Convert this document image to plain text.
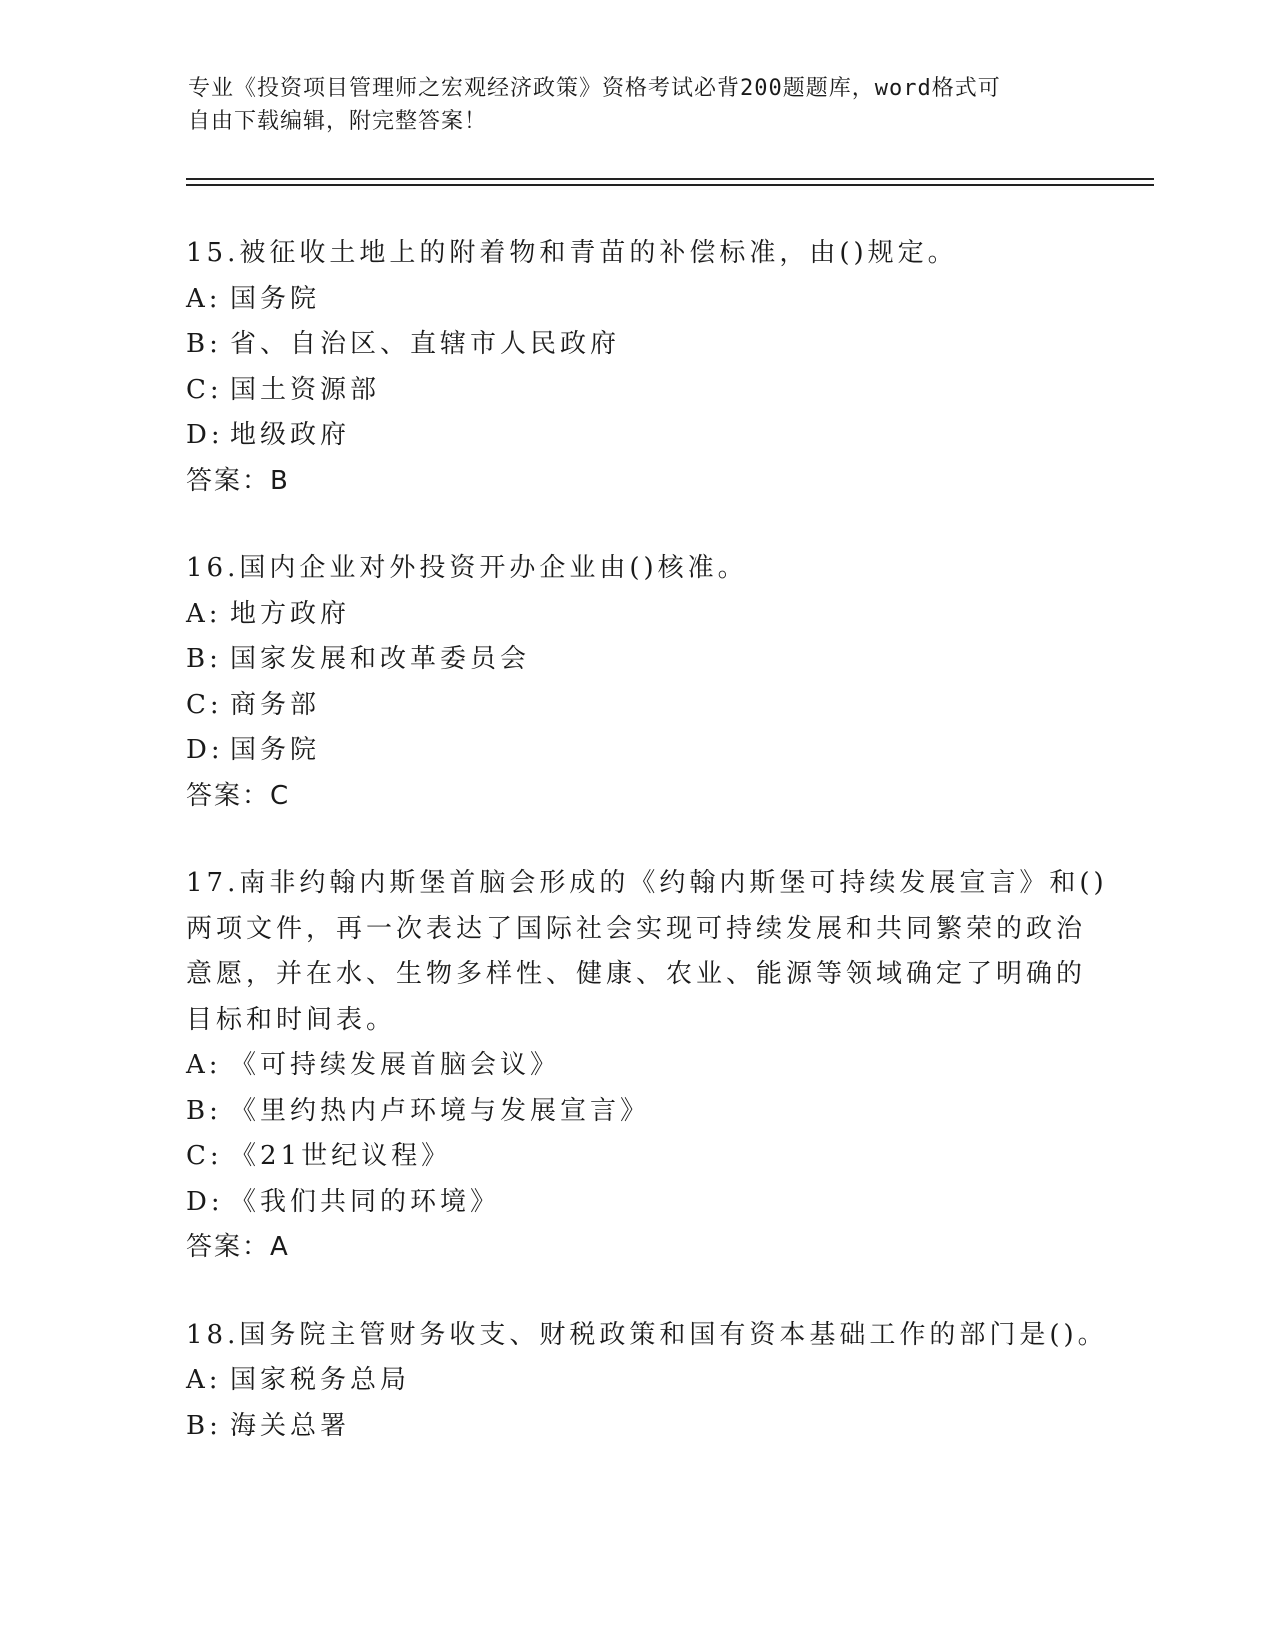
专业《投资项目管理师之宏观经济政策》资格考试必背200题题库，word格式可
自由下载编辑，附完整答案！
15.被征收土地上的附着物和青苗的补偿标准，由()规定。
A: 国务院
B: 省、自治区、直辖市人民政府
C: 国土资源部
D: 地级政府
答案：B
16.国内企业对外投资开办企业由()核准。
A: 地方政府
B: 国家发展和改革委员会
C: 商务部
D: 国务院
答案：C
17.南非约翰内斯堡首脑会形成的《约翰内斯堡可持续发展宣言》和()
两项文件，再一次表达了国际社会实现可持续发展和共同繁荣的政治
意愿，并在水、生物多样性、健康、农业、能源等领域确定了明确的
目标和时间表。
A: 《可持续发展首脑会议》
B: 《里约热内卢环境与发展宣言》
C: 《21世纪议程》
D: 《我们共同的环境》
答案：A
18.国务院主管财务收支、财税政策和国有资本基础工作的部门是()。
A: 国家税务总局
B: 海关总署
